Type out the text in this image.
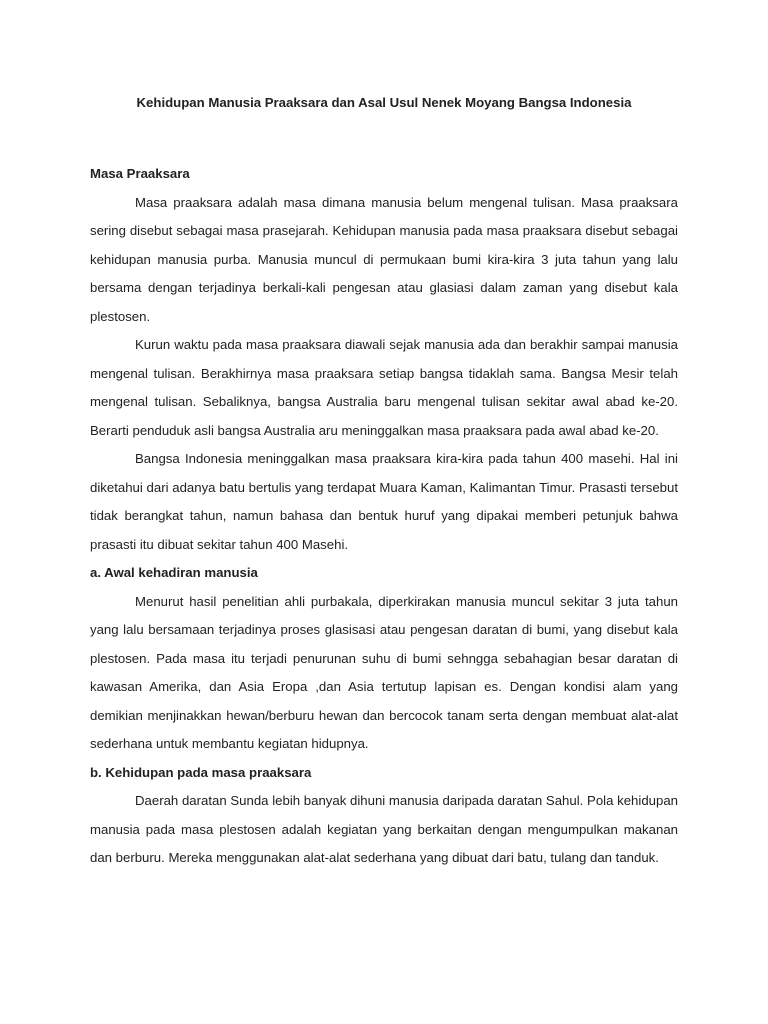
Kehidupan Manusia Praaksara dan Asal Usul Nenek Moyang Bangsa Indonesia

Masa Praaksara

Masa praaksara adalah masa dimana manusia belum mengenal tulisan. Masa praaksara sering disebut sebagai masa prasejarah. Kehidupan manusia pada masa praaksara disebut sebagai kehidupan manusia purba. Manusia muncul di permukaan bumi kira-kira 3 juta tahun yang lalu bersama dengan terjadinya berkali-kali pengesan atau glasiasi dalam zaman yang disebut kala plestosen.

Kurun waktu pada masa praaksara diawali sejak manusia ada dan berakhir sampai manusia mengenal tulisan. Berakhirnya masa praaksara setiap bangsa tidaklah sama. Bangsa Mesir telah mengenal tulisan. Sebaliknya, bangsa Australia baru mengenal tulisan sekitar awal abad ke-20. Berarti penduduk asli bangsa Australia aru meninggalkan masa praaksara pada awal abad ke-20.

Bangsa Indonesia meninggalkan masa praaksara kira-kira pada tahun 400 masehi. Hal ini diketahui dari adanya batu bertulis yang terdapat Muara Kaman, Kalimantan Timur. Prasasti tersebut tidak berangkat tahun, namun bahasa dan bentuk huruf yang dipakai memberi petunjuk bahwa prasasti itu dibuat sekitar tahun 400 Masehi.

a. Awal kehadiran manusia

Menurut hasil penelitian ahli purbakala, diperkirakan manusia muncul sekitar 3 juta tahun yang lalu bersamaan terjadinya proses glasisasi atau pengesan daratan di bumi, yang disebut kala plestosen. Pada masa itu terjadi penurunan suhu di bumi sehngga sebahagian besar daratan di kawasan Amerika, dan Asia Eropa ,dan Asia tertutup lapisan es. Dengan kondisi alam yang demikian menjinakkan hewan/berburu hewan dan bercocok tanam serta dengan membuat alat-alat sederhana untuk membantu kegiatan hidupnya.

b. Kehidupan pada masa praaksara

Daerah daratan Sunda lebih banyak dihuni manusia daripada daratan Sahul. Pola kehidupan manusia pada masa plestosen adalah kegiatan yang berkaitan dengan mengumpulkan makanan dan berburu. Mereka menggunakan alat-alat sederhana yang dibuat dari batu, tulang dan tanduk.
